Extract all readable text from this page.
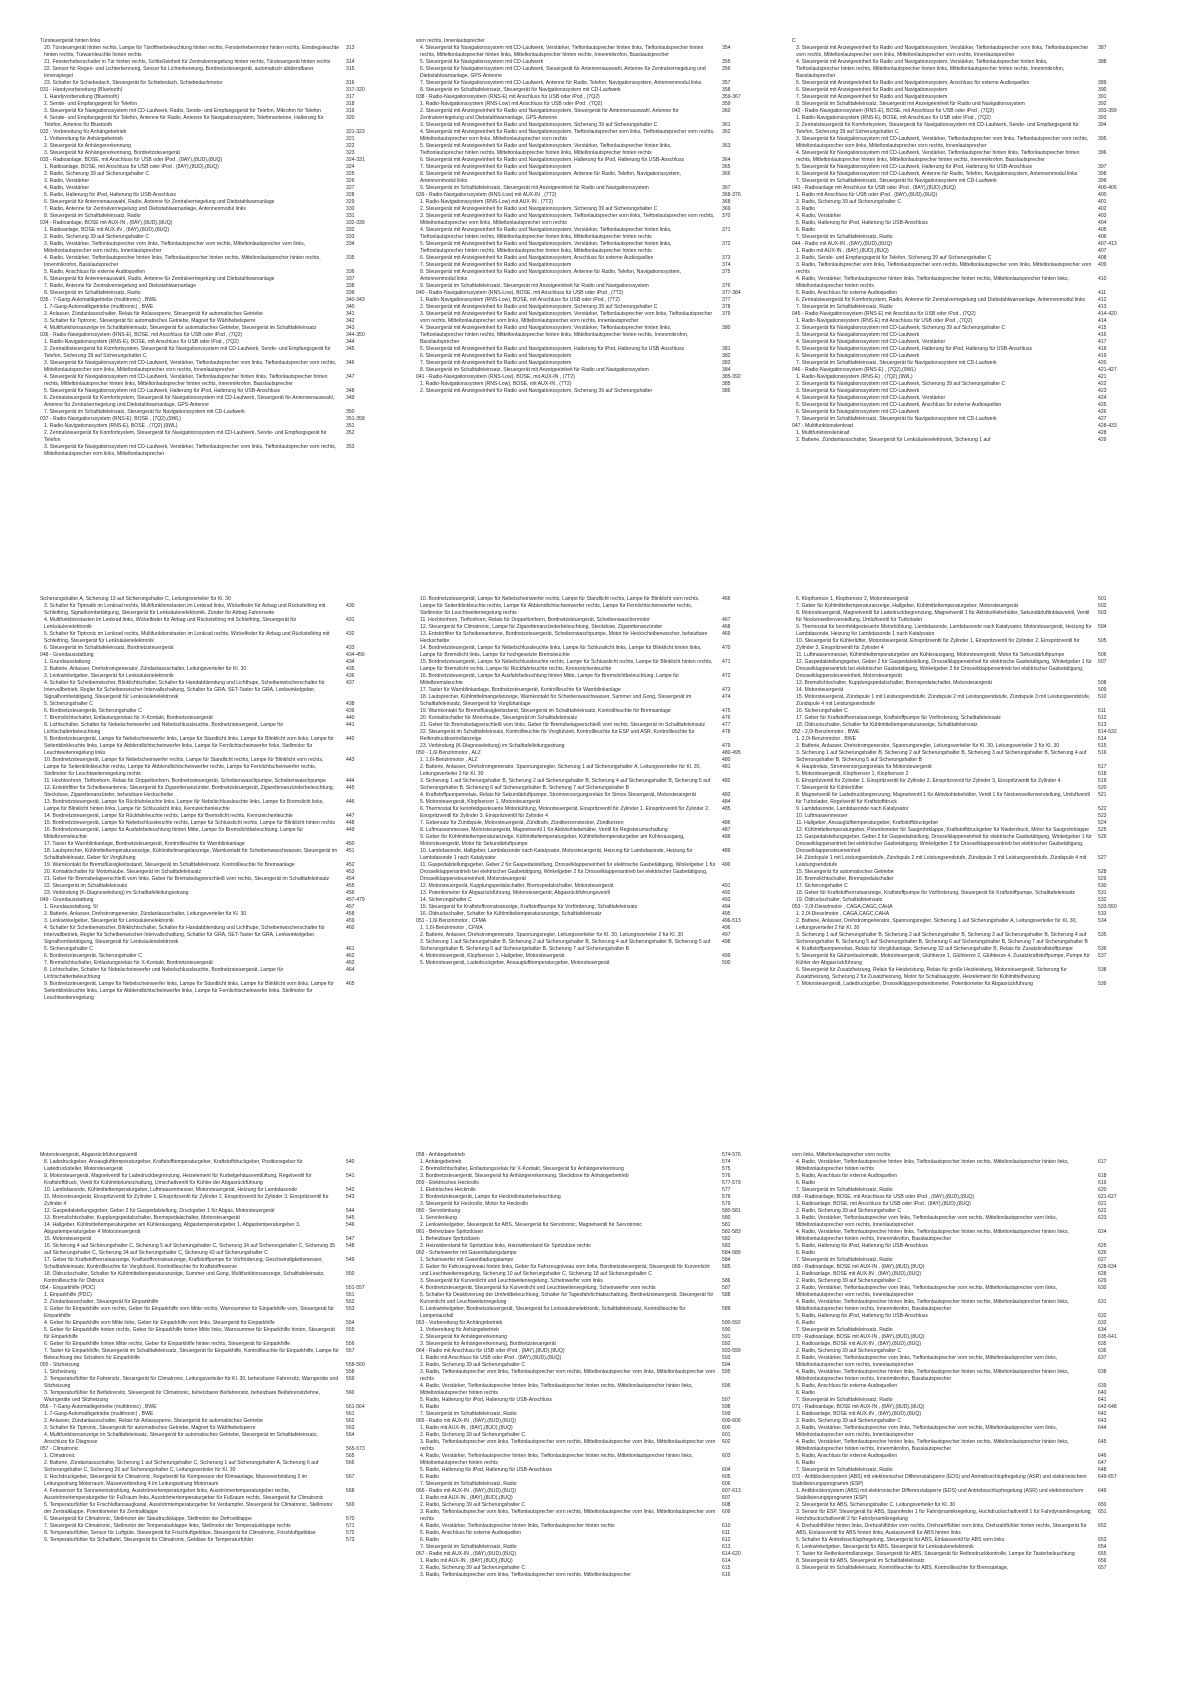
Türsteuergerät hinten links
20. Türsteuergerät hinten rechts, Lampe für Türöffnerbeleuchtung hinten rechts, Fensterhebermotor hinten rechts, Einstiegsleuchte hinten rechts, Türwarnleuchte hinten rechts
313
21. Fensterheberschalter in Tür hinten rechts, Schließeinheit für Zentralverriegelung hinten rechts, Türsteuergerät hinten rechts	314
22. Sensor für Regen- und Lichterkennung, Sensor für Lichterkennung, Bordnetzsteuergerät, automatisch abblendbarer Innenspiegel
315
23. Schalter für Schiebedach, Steuergerät für Schiebedach, Schiebedachmotor	316
031 - Handyvorbereitung (Bluetooth)	317-320
1. Handyvorbereitung (Bluetooth)	317
2. Sende- und Empfangsgerät für Telefon	318
3. Steuergerät für Navigationssystem mit CD-Laufwerk, Radio, Sende- und Empfangsgerät für Telefon, Mikrofon für Telefon	319
4. Sende- und Empfangsgerät für Telefon, Antenne für Radio, Antenne für Navigationssystem, Telefonantenne, Halterung für Telefon, Antenne für Bluetooth
320
032 - Vorbereitung für Anhängebetrieb	321-323
1. Vorbereitung für Anhängebetrieb	321
2. Steuergerät für Anhängererkennung	322
3. Steuergerät für Anhängererkennung, Bordnetzsteuergerät	323
033 - Radioanlage, BOSE, mit Anschluss für USB oder iPod , (8AY),(8UD),(8UQ)	324-331
1. Radioanlage, BOSE, mit Anschluss für USB oder iPod , (8AY),(8UD),(8UQ)	324
2. Radio, Sicherung 39 auf Sicherungshalter C	325
3. Radio, Verstärker	326
4. Radio, Verstärker	327
5. Radio, Halterung für iPod, Halterung für USB-Anschluss	328
6. Steuergerät für Antennenauswahl, Radio, Antenne für Zentralverriegelung und Diebstahlwarnanlage	329
7. Radio, Antenne für Zentralverriegelung und Diebstahlwarnanlage, Antennenmodul links	330
8. Steuergerät im Schalttafeleinsatz, Radio	331
034 - Radioanlage, BOSE mit AUX-IN , (8AY),(8UD),(8UQ)	332-339
1. Radioanlage, BOSE mit AUX-IN , (8AY),(8UD),(8UQ)	332
2. Radio, Sicherung 39 auf Sicherungshalter C	333
3. Radio, Verstärker, Tieftonlautsprecher vorn links, Tieftonlautsprecher vorn rechts, Mitteltonlautsprecher vorn links, Mitteltonlautsprecher vorn rechts, Innenlautsprecher
334
4. Radio, Verstärker, Tieftonlautsprecher hinten links, Tieftonlautsprecher hinten rechts, Mitteltonlautsprecher hinten rechts, Innenmikrofon, Basslautsprecher
335
5. Radio, Anschluss für externe Audioquellen	336
6. Steuergerät für Antennenauswahl, Radio, Antenne für Zentralverriegelung und Diebstahlwarnanlage	337
7. Radio, Antenne für Zentralverriegelung und Diebstahlwarnanlage	338
8. Steuergerät im Schalttafeleinsatz, Radio	339
035 - 7-Gang-Automatikgetriebe (multitronic) , BWE	340-343
1. 7-Gang-Automatikgetriebe (multitronic) , BWE	340
2. Anlasser, Zündanlassschalter, Relais für Anlasssperre, Steuergerät für automatisches Getriebe	341
3. Schalter für Tiptronic, Steuergerät für automatisches Getriebe, Magnet für Wählhebelsperre	342
4. Multifunktionsanzeige im Schalttafeleinsatz, Steuergerät für automatisches Getriebe, Steuergerät im Schalttafeleinsatz	343
036 - Radio-Navigationssystem (RNS-E), BOSE, mit Anschluss für USB oder iPod , (7Q2)	344-350
1. Radio-Navigationssystem (RNS-E), BOSE, mit Anschluss für USB oder iPod , (7Q2)	344
2. Zentraldisteuergerät für Komfortsystem, Steuergerät für Navigationssystem mit CD-Laufwerk, Sende- und Empfangsgerät für Telefon, Sicherung 39 auf Sicherungshalter C
345
3. Steuergerät für Navigationssystem mit CD-Laufwerk, Verstärker, Tieftonlautsprecher vorn links, Tieftonlautsprecher vorn rechts, Mitteltonlautsprecher vorn links, Mitteltonlautsprecher vorn rechts, Innenlautsprecher
346
4. Steuergerät für Navigationssystem mit CD-Laufwerk, Verstärker, Tieftonlautsprecher hinten links, Tieftonlautsprecher hinten rechts, Mitteltonlautsprecher hinten links, Mitteltonlautsprecher hinten rechts, Innenmikrofon, Basslautsprecher
347
5. Steuergerät für Navigationssystem mit CD-Laufwerk, Halterung für iPod, Halterung für USB-Anschluss	348
6. Zentralsteuergerät für Komfortsystem, Steuergerät für Navigationssystem mit CD-Laufwerk, Steuergerät für Antennenauswahl, Antenne für Zentralverriegelung und Diebstahlwarnanlage, GPS-Antenne
349
7. Steuergerät im Schalttafeleinsatz, Steuergerät für Navigationssystem mit CD-Laufwerk	350
037 - Radio-Navigationssystem (RNS-E), BOSE , (7Q2),(9WL)	351-358
1. Radio-Navigationssystem (RNS-E), BOSE , (7Q2),(9WL)	351
2. Zentralsteuergerät für Komfortsystem, Steuergerät für Navigationssystem mit CD-Laufwerk, Sende- und Empfangsgerät für Telefon
352
3. Steuergerät für Navigationssystem mit CD-Laufwerk, Verstärker, Tieftonlautsprecher vorn links, Tieftonlautsprecher vorn rechts, Mitteltonlautsprecher vorn links, Mitteltonlautsprecher
353
vorn rechts, Innenlautsprecher
4. Steuergerät für Navigationssystem mit CD-Laufwerk, Verstärker, Tieftonlautsprecher hinten links, Tieftonlautsprecher hinten rechts, Mitteltonlautsprecher hinten links, Mitteltonlautsprecher hinten rechts, Innenmikrofon, Basslautsprecher
354
5. Steuergerät für Navigationssystem mit CD-Laufwerk	355
6. Steuergerät für Navigationssystem mit CD-Laufwerk, Steuergerät für Antennenauswahl, Antenne für Zentralverriegelung und Diebstahlwarnanlage, GPS-Antenne
356
7. Steuergerät für Navigationssystem mit CD-Laufwerk, Antenne für Radio, Telefon, Navigationssystem, Antennenmodul links	357
8. Steuergerät im Schalttafeleinsatz, Steuergerät für Navigationssystem mit CD-Laufwerk	358
038 - Radio-Navigationssystem (RNS-E) mit Anschluss für USB oder iPod , (7Q2)	359-367
1. Radio-Navigationssystem (RNS-Low) mit Anschluss für USB oder iPod , (7Q2)	359
2. Steuergerät mit Anzeigeeinheit für Radio und Navigationssystem, Steuergerät für Antennenauswahl, Antenne für Zentralverriegelung und Diebstahlwarnanlage, GPS-Antenne
360
3. Steuergerät mit Anzeigeeinheit für Radio und Navigationssystem, Sicherung 39 auf Sicherungshalter C	361
4. Steuergerät mit Anzeigeeinheit für Radio und Navigationssystem, Tieftonlautsprecher vorn links, Tieftonlautsprecher vorn rechts, Mitteltonlautsprecher vorn links, Mitteltonlautsprecher vorn rechts
362
5. Steuergerät mit Anzeigeeinheit für Radio und Navigationssystem, Verstärker, Tieftonlautsprecher hinten links, Tieftonlautsprecher hinten rechts, Mitteltonlautsprecher hinten links, Mitteltonlautsprecher hinten rechts
363
6. Steuergerät mit Anzeigeeinheit für Radio und Navigationssystem, Halterung für iPod, Halterung für USB-Anschluss	364
7. Steuergerät mit Anzeigeeinheit für Radio und Navigationssystem	365
8. Steuergerät mit Anzeigeeinheit für Radio und Navigationssystem, Antenne für Radio, Telefon, Navigationssystem, Antennenmodul links
366
9. Steuergerät im Schalttafeleinsatz, Steuergerät mit Anzeigeeinheit für Radio und Navigationssystem	367
039 - Radio-Navigationssystem (RNS-Low) mit AUX-IN , (7T2)	368-376
1. Radio-Navigationssystem (RNS-Low) mit AUX-IN , (7T2)	368
2. Steuergerät mit Anzeigeeinheit für Radio und Navigationssystem, Sicherung 39 auf Sicherungshalter C	369
3. Steuergerät mit Anzeigeeinheit für Radio und Navigationssystem, Tieftonlautsprecher vorn links, Tieftonlautsprecher vorn rechts, Mitteltonlautsprecher vorn links, Mitteltonlautsprecher vorn rechts
370
4. Steuergerät mit Anzeigeeinheit für Radio und Navigationssystem, Verstärker, Tieftonlautsprecher hinten links, Tieftonlautsprecher hinten rechts, Mitteltonlautsprecher hinten links, Mitteltonlautsprecher hinten rechts
371
5. Steuergerät mit Anzeigeeinheit für Radio und Navigationssystem, Verstärker, Tieftonlautsprecher hinten links, Tieftonlautsprecher hinten rechts, Mitteltonlautsprecher hinten links, Mitteltonlautsprecher hinten rechts
372
6. Steuergerät mit Anzeigeeinheit für Radio und Navigationssystem, Anschluss für externe Audioquellen	373
7. Steuergerät mit Anzeigeeinheit für Radio und Navigationssystem	374
8. Steuergerät mit Anzeigeeinheit für Radio und Navigationssystem, Antenne für Radio, Telefon, Navigationssystem, Antennenmodul links
375
9. Steuergerät im Schalttafeleinsatz, Steuergerät mit Anzeigeeinheit für Radio und Navigationssystem	376
040 - Radio-Navigationssystem (RNS-Low), BOSE, mit Anschluss für USB oder iPod , (7T2)	377-384
1. Radio-Navigationssystem (RNS-Low), BOSE, mit Anschluss für USB oder iPod , (7T2)	377
2. Steuergerät mit Anzeigeeinheit für Radio und Navigationssystem, Sicherung 39 auf Sicherungshalter C	378
3. Steuergerät mit Anzeigeeinheit für Radio und Navigationssystem, Verstärker, Tieftonlautsprecher vorn links, Tieftonlautsprecher vorn rechts, Mitteltonlautsprecher vorn links, Mitteltonlautsprecher vorn rechts, Innenlautsprecher
379
4. Steuergerät mit Anzeigeeinheit für Radio und Navigationssystem, Verstärker, Tieftonlautsprecher hinten links, Tieftonlautsprecher hinten rechts, Mitteltonlautsprecher hinten links, Mitteltonlautsprecher hinten rechts, Innenmikrofon, Basslautsprecher
380
5. Steuergerät mit Anzeigeeinheit für Radio und Navigationssystem, Halterung für iPod, Halterung für USB-Anschluss	381
6. Steuergerät mit Anzeigeeinheit für Radio und Navigationssystem	382
7. Steuergerät mit Anzeigeeinheit für Radio und Navigationssystem	383
8. Steuergerät im Schalttafeleinsatz, Steuergerät mit Anzeigeeinheit für Radio und Navigationssystem	384
041 - Radio-Navigationssystem (RNS-Low), BOSE, mit AUX-IN , (7T2)	385-392
1. Radio-Navigationssystem (RNS-Low), BOSE, mit AUX-IN , (7T2)	385
2. Steuergerät mit Anzeigeeinheit für Radio und Navigationssystem, Sicherung 39 auf Sicherungshalter	386
C
3. Steuergerät mit Anzeigeeinheit für Radio und Navigationssystem, Verstärker, Tieftonlautsprecher vorn links, Tieftonlautsprecher vorn rechts, Mitteltonlautsprecher vorn links, Mitteltonlautsprecher vorn rechts, Innenlautsprecher
387
4. Steuergerät mit Anzeigeeinheit für Radio und Navigationssystem, Verstärker, Tieftonlautsprecher hinten links, Tieftonlautsprecher hinten rechts, Mitteltonlautsprecher hinten links, Mitteltonlautsprecher hinten rechts, Innenmikrofon, Basslautsprecher
388
5. Steuergerät mit Anzeigeeinheit für Radio und Navigationssystem, Anschluss für externe Audioquellen	389
6. Steuergerät mit Anzeigeeinheit für Radio und Navigationssystem	390
7. Steuergerät mit Anzeigeeinheit für Radio und Navigationssystem	391
8. Steuergerät im Schalttafeleinsatz, Steuergerät mit Anzeigeeinheit für Radio und Navigationssystem	392
042 - Radio-Navigationssystem (RNS-E), BOSE, mit Anschluss für USB oder iPod , (7Q2)	393-399
1. Radio-Navigationssystem (RNS-E), BOSE, mit Anschluss für USB oder iPod , (7Q2)	393
2. Zentralsteuergerät für Komfortsystem, Steuergerät für Navigationssystem mit CD-Laufwerk, Sende- und Empfangsgerät für Telefon, Sicherung 39 auf Sicherungshalter C
394
3. Steuergerät für Navigationssystem mit CD-Laufwerk, Verstärker, Tieftonlautsprecher vorn links, Tieftonlautsprecher vorn rechts, Mitteltonlautsprecher vorn links, Mitteltonlautsprecher vorn rechts, Innenlautsprecher
395
4. Steuergerät für Navigationssystem mit CD-Laufwerk, Verstärker, Tieftonlautsprecher hinten links, Tieftonlautsprecher hinten rechts, Mitteltonlautsprecher hinten links, Mitteltonlautsprecher hinten rechts, Innenmikrofon, Basslautsprecher
396
5. Steuergerät für Navigationssystem mit CD-Laufwerk, Halterung für iPod, Halterung für USB-Anschluss	397
6. Steuergerät für Navigationssystem mit CD-Laufwerk, Antenne für Radio, Telefon, Navigationssystem, Antennenmodul links	398
7. Steuergerät im Schalttafeleinsatz, Steuergerät für Navigationssystem mit CD-Laufwerk	399
043 - Radioanlage mit Anschluss für USB oder iPod , (8AY),(8UD),(8UQ)	400-406
1. Radio mit Anschluss für USB oder iPod , (8AY),(8UD),(8UQ)	400
2. Radio, Sicherung 39 auf Sicherungshalter C	401
3. Radio	402
4. Radio, Verstärker	403
5. Radio, Halterung für iPod, Halterung für USB-Anschluss	404
6. Radio	405
7. Steuergerät im Schalttafeleinsatz, Radio	406
044 - Radio mit AUX-IN , (8AY),(8UD),(8UQ)	407-413
1. Radio mit AUX-IN , (8AY),(8UD),(8UQ)	407
2. Radio, Sende- und Empfangsgerät für Telefon, Sicherung 39 auf Sicherungshalter C	408
3. Radio, Tieftonlautsprecher vorn links, Tieftonlautsprecher vorn rechts, Mitteltonlautsprecher vorn links, Mitteltonlautsprecher vorn rechts
409
4. Radio, Verstärker, Tieftonlautsprecher hinten links, Tieftonlautsprecher hinten rechts, Mitteltonlautsprecher hinten links, Mitteltonlautsprecher hinten rechts
410
5. Radio, Anschluss für externe Audioquellen	411
6. Zentralsteuergerät für Komfortsystem, Radio, Antenne für Zentralverriegelung und Diebstahlwarnanlage, Antennenmodul links	412
7. Steuergerät im Schalttafeleinsatz, Radio	413
045 - Radio-Navigationssystem (RNS-E) mit Anschluss für USB oder iPod , (7Q2)	414-420
1. Radio-Navigationssystem (RNS-E) mit Anschluss für USB oder iPod , (7Q2)	414
2. Steuergerät für Navigationssystem mit CD-Laufwerk, Sicherung 39 auf Sicherungshalter C	415
3. Steuergerät für Navigationssystem mit CD-Laufwerk	416
4. Steuergerät für Navigationssystem mit CD-Laufwerk, Verstärker	417
5. Steuergerät für Navigationssystem mit CD-Laufwerk, Halterung für iPod, Halterung für USB-Anschluss	418
6. Steuergerät für Navigationssystem mit CD-Laufwerk	419
7. Steuergerät im Schalttafeleinsatz, Steuergerät für Navigationssystem mit CD-Laufwerk	420
046 - Radio-Navigationssystem (RNS-E) , (7Q2),(9WL)	421-427
1. Radio-Navigationssystem (RNS-E) , (7Q2),(9WL)	421
2. Steuergerät für Navigationssystem mit CD-Laufwerk, Sicherung 39 auf Sicherungshalter C	422
3. Steuergerät für Navigationssystem mit CD-Laufwerk	423
4. Steuergerät für Navigationssystem mit CD-Laufwerk, Verstärker	424
5. Steuergerät für Navigationssystem mit CD-Laufwerk, Anschluss für externe Audioquellen	425
6. Steuergerät für Navigationssystem mit CD-Laufwerk	426
7. Steuergerät im Schalttafeleinsatz, Steuergerät für Navigationssystem mit CD-Laufwerk	427
047 - Multifunktionslenkrad	428-433
1. Multifunktionslenkrad	428
2. Batterie, Zündanlassschalter, Steuergerät für Lenksäulenelektronik, Sicherung 1 auf	429
Sicherungshalter A, Sicherung 13 auf Sicherungshalter C, Leitungsverteiler für Kl. 30
3. Schalter für Tipmatik im Lenkrad rechts, Multifunktionstasten im Lenkrad links, Wickelfeder für Airbag und Rückstellring mit Schleifring, Signalhornbetätigung, Steuergerät für Lenksäulenelektronik, Zünder für Airbag Fahrerseite
430
4. Multifunktionstasten im Lenkrad links, Wickelfeder für Airbag und Rückstellring mit Schleifring, Steuergerät für Lenksäulenelektronik
431
5. Schalter für Tiptronic im Lenkrad rechts, Multifunktionstasten im Lenkrad rechts, Wickelfeder für Airbag und Rückstellring mit Schleifring, Steuergerät für Lenksäulenelektronik
432
6. Steuergerät im Schalttafeleinsatz, Bordnetzsteuergerät	433
048 - Grundausstattung	434-456
1. Grundausstattung	434
2. Batterie, Anlasser, Drehstromgenerator, Zündanlassschalter, Leitungsverteiler für Kl. 30	435
3. Lenkwinkelgeber, Steuergerät für Lenksäulenelektronik	436
4. Schalter für Scheibenwischer, Blinklichtschalter, Schalter für Handabblendung und Lichthupe, Scheibenwischerschalter für Intervallbetrieb, Regler für Scheibenwischer-Intervallschaltung, Schalter für GRA, SET-Taster für GRA, Lenkwinkelgeber, Signalhornbetätigung, Steuergerät für Lenksäulenelektronik
437
5. Sicherungshalter C	438
6. Bordnetzsteuergerät, Sicherungshalter C	439
7. Bremslichtschalter, Entlastungsrelais für X-Kontakt, Bordnetzsteuergerät	440
8. Lichtschalter, Schalter für Nebelscheinwerfer und Nebelschlussleuchte, Bordnetzsteuergerät, Lampe für Lichtschalterbeleuchtung
441
9. Bordnetzsteuergerät, Lampe für Nebelscheinwerfer links, Lampe für Standlicht links, Lampe für Blinklicht vorn links, Lampe für Seitenblinkleuchte links, Lampe für Abblendlichtscheinwerfer links, Lampe für Fernlichtscheinwerfer links, Stellmotor für Leuchtweitenregelung links
442
10. Bordnetzsteuergerät, Lampe für Nebelscheinwerfer rechts, Lampe für Standlicht rechts, Lampe für Blinklicht vorn rechts, Lampe für Seitenblinkleuchte rechts, Lampe für Abblendlichtscheinwerfer rechts, Lampe für Fernlichtscheinwerfer rechts, Stellmotor für Leuchtweitenregelung rechts
443
11. Hochtonhorn, Tieftonhorn, Relais für Doppeltonhorn, Bordnetzsteuergerät, Scheibenwaschpumpe, Scheibenwaschpumpe	444
12. Entstörfilter für Scheibenantenne, Steuergerät für Zigarettenanzünder, Bordnetzsteuergerät, Zigarettenanzünderbeleuchtung, Steckdose, Zigarettenanzünder, beheizbare Heckscheibe
445
13. Bordnetzsteuergerät, Lampe für Rückfahrleuchte links, Lampe für Nebelschlussleuchte links, Lampe für Bremslicht links, Lampe für Blinklicht hinten links, Lampe für Schlusslicht links, Kennzeichenleuchte
446
14. Bordnetzsteuergerät, Lampe für Rückfahrleuchte rechts, Lampe für Bremslicht rechts, Kennzeichenleuchte	447
15. Bordnetzsteuergerät, Lampe für Nebelschlussleuchte rechts, Lampe für Schlusslicht rechts, Lampe für Blinklicht hinten rechts	448
16. Bordnetzsteuergerät, Lampe für Ausfahrbeleuchtung hinten Mitte, Lampe für Bremslichtbeleuchtung, Lampe für Mittelbremsleuchte
449
17. Taster für Warnblinkanlage, Bordnetzsteuergerät, Kontrollleuchte für Warnblinkanlage	450
18. Lautsprecher, Kühlmitteltemperaturanzeige, Kühlmittelmangelanzeige, Warnkontakt für Scheibenwaschwasser, Steuergerät im Schalttafeleinsatz, Geber für Vorglühung
451
19. Warnkontakt für Bremsflüssigkeitsstand, Steuergerät im Schalttafeleinsatz, Kontrollleuchte für Bremsanlage	452
20. Kontaktschalter für Motorhaube, Steuergerät im Schalttafeleinsatz	453
21. Geber für Bremsbelagverschleiß vorn links, Geber für Bremsbelagverschleiß vorn rechts, Steuergerät im Schalttafeleinsatz	454
22. Steuergerät im Schalttafeleinsatz	455
23. Verbindung (K-Diagnoseleitung) im Schalttafelleitungsstrang	456
049 - Grundausstattung	457-479
1. Grundausstattung, SI	457
2. Batterie, Anlasser, Drehstromgenerator, Zündanlassschalter, Leitungsverteiler für Kl. 30	458
3. Lenkwinkelgeber, Steuergerät für Lenksäulenelektronik	459
4. Schalter für Scheibenwischer, Blinklichtschalter, Schalter für Handabblendung und Lichthupe, Scheibenwischerschalter für Intervallbetrieb, Regler für Scheibenwischer-Intervallschaltung, Schalter für GRA, SET-Taster für GRA, Lenkwinkelgeber, Signalhornbetätigung, Steuergerät für Lenksäulenelektronik
460
5. Sicherungshalter C	461
6. Bordnetzsteuergerät, Sicherungshalter C	462
7. Bremslichtschalter, Entlastungsrelais für X-Kontakt, Bordnetzsteuergerät	463
8. Lichtschalter, Schalter für Nebelscheinwerfer und Nebelschlussleuchte, Bordnetzsteuergerät, Lampe für Lichtschalterbeleuchtung
464
9. Bordnetzsteuergerät, Lampe für Nebelscheinwerfer links, Lampe für Standlicht links, Lampe für Blinklicht vorn links, Lampe für Seitenblinkleuchte links, Lampe für Abblendlichtscheinwerfer links, Lampe für Fernlichtscheinwerfer links, Stellmotor für Leuchtweitenregelung
465
10. Bordnetzsteuergerät, Lampe für Nebelscheinwerfer rechts, Lampe für Standlicht rechts, Lampe für Blinklicht vorn rechts, Lampe für Seitenblinkleuchte rechts, Lampe für Abblendlichtscheinwerfer rechts, Lampe für Fernlichtscheinwerfer rechts, Stellmotor für Leuchtweitenregelung rechts
466
11. Hochtonhorn, Tieftonhorn, Relais für Doppeltonhorn, Bordnetzsteuergerät, Scheibenwaschermotor	467
12. Steuergerät für Climatronic, Lampe für Zigarettenanzünderbeleuchtung, Steckdose, Zigarettenanzünder	468
13. Entstörfilter für Scheibenantenne, Bordnetzsteuergerät, Scheibenwaschpumpe, Motor für Heckscheibenwischer, beheizbare Heckscheibe
469
14. Bordnetzsteuergerät, Lampe für Nebelschlussleuchte links, Lampe für Schlusslicht links, Lampe für Blinklicht hinten links, Lampe für Bremslicht links, Lampe für hochgesetzte Bremsleuchte
470
15. Bordnetzsteuergerät, Lampe für Nebelschlussleuchte rechts, Lampe für Schlusslicht rechts, Lampe für Blinklicht hinten rechts, Lampe für Bremslicht rechts, Lampe für Rückfahrleuchte rechts, Kennzeichenleuchte
471
16. Bordnetzsteuergerät, Lampe für Ausfahrbeleuchtung hinten Mitte, Lampe für Bremslichtbeleuchtung, Lampe für Mittelbremsleuchte
472
17. Taster für Warnblinkanlage, Bordnetzsteuergerät, Kontrollleuchte für Warnblinkanlage	473
18. Lautsprecher, Kühlmittelmangelanzeige, Warnkontakt für Scheibenwaschwasser, Summer und Gong, Steuergerät im Schalttafeleinsatz, Steuergerät für Vorglühanlage
474
19. Warnkontakt für Bremsflüssigkeitsstand, Steuergerät im Schalttafeleinsatz, Kontrollleuchte für Bremsanlage	475
20. Kontaktschalter für Motorhaube, Steuergerät im Schalttafeleinsatz	476
21. Geber für Bremsbelagverschleiß vorn links, Geber für Bremsbelagverschleiß vorn rechts, Steuergerät im Schalttafeleinsatz	477
22. Steuergerät im Schalttafeleinsatz, Kontrollleuchte für Vorglühzeit, Kontrollleuchte für ESP und ASR, Kontrollleuchte für Reifendruckkontrollanzeige
478
23. Verbindung (K-Diagnoseleitung) im Schalttafelleitungsstrang	479
050 - 1,6l-Benzinmotor , ALZ	480-495
1. 1,6l-Benzinmotor , ALZ	480
2. Batterie, Anlasser, Drehstromgenerator, Spannungsregler, Sicherung 1 auf Sicherungshalter A, Leitungsverteiler für Kl. 30, Leitungsverteiler 2 für Kl. 30
481
3. Sicherung 1 auf Sicherungshalter B, Sicherung 2 auf Sicherungshalter B, Sicherung 4 auf Sicherungshalter B, Sicherung 5 auf Sicherungshalter B, Sicherung 6 auf Sicherungshalter B, Sicherung 7 auf Sicherungshalter B
482
4. Kraftstoffpumpenrelais, Relais für Sekundärluftpumpe, Stromversorgungsrelais für Simos-Steuergerät, Motorsteuergerät	483
5. Motorsteuergerät, Klopfsensor 1, Motorsteuergerät	484
6. Thermostat für kennfeldgesteuerte Motorkühlung, Motorsteuergerät, Einspritzventil für Zylinder 1, Einspritzventil für Zylinder 2, Einspritzventil für Zylinder 3, Einspritzventil für Zylinder 4
485
7. Gebersatz für Zündspule, Motorsteuergerät, Zündtrafo, Zündkerzenstecker, Zündkerzen	486
8. Luftmassenmesser, Motorsteuergerät, Magnetventil 1 für Aktivkohlebehälter, Ventil für Registerumschaltung	487
9. Geber für Kühlmitteltemperaturanzeige, Kühlmitteltemperaturgeber, Kühlmitteltemperaturgeber am Kühlerausgang, Motorsteuergerät, Motor für Sekundärluftpumpe
488
10. Lambdasonde, Hallgeber, Lambdasonde nach Katalysator, Motorsteuergerät, Heizung für Lambdasonde, Heizung für Lambdasonde 1 nach Katalysator
489
11. Gaspedalstellungsgeber, Geber 2 für Gaspedalstellung, Drosselklappeneinheit für elektrische Gasbetätigung, Winkelgeber 1 für Drosselklappenantrieb bei elektrischer Gasbetätigung, Winkelgeber 2 für Drosselklappenantrieb bei elektrischer Gasbetätigung, Drosselklappensteuereinheit, Motorsteuergerät
490
12. Motorsteuergerät, Kupplungspedalschalter, Bremspedalschalter, Motorsteuergerät	491
13. Potentiometer für Abgasrückführung, Motorsteuergerät, Abgasrückführungsventil	492
14. Sicherungshalter C	493
15. Steuergerät für Kraftstoffvorratsanzeige, Kraftstoffpumpe für Vorförderung, Schalttafeleinsatz	494
16. Öldruckschalter, Schalter für Kühlmitteltemperaturanzeige, Schalttafeleinsatz	495
051 - 1,6l-Benzinmotor , CFMA	496-513
1. 1,6l-Benzinmotor , CFMA	496
2. Batterie, Anlasser, Drehstromgenerator, Spannungsregler, Leitungsverteiler für Kl. 30, Leitungsverteiler 2 für Kl. 30	497
3. Sicherung 1 auf Sicherungshalter B, Sicherung 2 auf Sicherungshalter B, Sicherung 4 auf Sicherungshalter B, Sicherung 5 auf Sicherungshalter B, Sicherung 6 auf Sicherungshalter B, Sicherung 7 auf Sicherungshalter B
498
4. Motorsteuergerät, Klopfsensor 1, Hallgeber, Motorsteuergerät	499
5. Motorsteuergerät, Ladedruckgeber, Ansauglufttemperaturgeber, Motorsteuergerät	500
6. Klopfsensor 1, Klopfsensor 2, Motorsteuergerät	501
7. Geber für Kühlmitteltemperaturanzeige, Hallgeber, Kühlmitteltemperaturgeber, Motorsteuergerät	502
8. Motorsteuergerät, Magnetventil für Ladedruckbegrenzung, Magnetventil 1 für Aktivkohlebehälter, Sekundärluftinblasventil, Ventil für Nockenwellenverstellung, Umluftventil für Turbolader
503
9. Thermostat für kennfeldgesteuerte Motorkühlung, Lambdasonde, Lambdasonde nach Katalysator, Motorsteuergerät, Heizung für Lambdasonde, Heizung für Lambdasonde 1 nach Katalysator
504
10. Steuergerät für Kühlerlüfter, Motorsteuergerät, Einspritzventil für Zylinder 1, Einspritzventil für Zylinder 2, Einspritzventil für Zylinder 3, Einspritzventil für Zylinder 4
505
11. Luftmassenmesser, Kühlmitteltemperaturgeber am Kühlerausgang, Motorsteuergerät, Motor für Sekundärluftpumpe	506
12. Gaspedalstellungsgeber, Geber 2 für Gaspedalstellung, Drosselklappeneinheit für elektrische Gasbetätigung, Winkelgeber 1 für Drosselklappenantrieb bei elektrischer Gasbetätigung, Winkelgeber 2 für Drosselklappenantrieb bei elektrischer Gasbetätigung, Drosselklappensteuereinheit, Motorsteuergerät
507
13. Bremslichtschalter, Kupplungspedalschalter, Bremspedalschalter, Motorsteuergerät	508
14. Motorsteuergerät	509
15. Motorsteuergerät, Zündspule 1 mit Leistungsendstufe, Zündspule 2 mit Leistungsendstufe, Zündspule 3 mit Leistungsendstufe, Zündspule 4 mit Leistungsendstufe
510
16. Sicherungshalter C	511
17. Geber für Kraftstoffvorratsanzeige, Kraftstoffpumpe für Vorförderung, Schalttafeleinsatz	512
18. Öldruckschalter, Schalter für Kühlmitteltemperaturanzeige, Schalttafeleinsatz	513
052 - 2,0l-Benzinmotor , BWE	514-532
1. 2,0l-Benzinmotor , BWE	514
2. Batterie, Anlasser, Drehstromgenerator, Spannungsregler, Leitungsverteiler für Kl. 30, Leitungsverteiler 2 für Kl. 30	515
3. Sicherung 1 auf Sicherungshalter B, Sicherung 2 auf Sicherungshalter B, Sicherung 3 auf Sicherungshalter B, Sicherung 4 auf Sicherungshalter B, Sicherung 5 auf Sicherungshalter B
516
4. Hauptrelais, Stromversorgungsrelais für Motorsteuergerät	517
5. Motorsteuergerät, Klopfsensor 1, Klopfsensor 2	518
6. Einspritzventil für Zylinder 1, Einspritzventil für Zylinder 2, Einspritzventil für Zylinder 3, Einspritzventil für Zylinder 4	519
7. Steuergerät für Kühlerlüfter	520
8. Magnetventil für Ladedruckbegrenzung, Magnetventil 1 für Aktivkohlebehälter, Ventil 1 für Nockenwellenverstellung, Umluftventil für Turbolader, Regelventil für Kraftstoffdruck
521
9. Lambdasonde, Lambdasonde nach Katalysator	522
10. Luftmassenmesser	523
11. Hallgeber, Ansauglufttemperaturgeber, Kraftstoffdruckgeber	524
12. Kühlmitteltemperaturgeber, Potentiometer für Saugrohrklappe, Kraftstoffdruckgeber für Niederdruck, Motor für Saugrohrklappe	525
13. Gaspedalstellungsgeber, Geber 2 für Gaspedalstellung, Drosselklappeneinheit für elektrische Gasbetätigung, Winkelgeber 1 für Drosselklappenantrieb bei elektrischer Gasbetätigung, Winkelgeber 2 für Drosselklappenantrieb bei elektrischer Gasbetätigung, Drosselklappensteuereinheit
526
14. Zündspule 1 mit Leistungsendstufe, Zündspule 2 mit Leistungsendstufe, Zündspule 3 mit Leistungsendstufe, Zündspule 4 mit Leistungsendstufe
527
15. Steuergerät für automatisches Getriebe	528
16. Bremslichtschalter, Bremspedalschalter	529
17. Sicherungshalter C	530
18. Geber für Kraftstoffvorratsanzeige, Kraftstoffpumpe für Vorförderung, Steuergerät für Kraftstoffpumpe, Schalttafeleinsatz	531
19. Öldruckschalter, Schalttafeleinsatz	532
053 - 2,0l-Dieselmotor , CAGA,CAGC,CAHA	533-550
1. 2,0l-Dieselmotor , CAGA,CAGC,CAHA	533
2. Batterie, Anlasser, Drehstromgenerator, Spannungsregler, Sicherung 1 auf Sicherungshalter A, Leitungsverteiler für Kl. 30, Leitungsverteiler 2 für Kl. 30
534
3. Sicherung 1 auf Sicherungshalter B, Sicherung 2 auf Sicherungshalter B, Sicherung 3 auf Sicherungshalter B, Sicherung 4 auf Sicherungshalter B, Sicherung 5 auf Sicherungshalter B, Sicherung 6 auf Sicherungshalter B, Sicherung 7 auf Sicherungshalter B
535
4. Kraftstoffpumpenrelais, Relais für Vorglühanlage, Sicherung 32 auf Sicherungshalter B, Relais für Zusatzkraftstoffpumpe	536
5. Steuergerät für Glühzeitautomatik, Motorsteuergerät, Glühkerze 1, Glühkerze 2, Glühkerze 4, Zusatzkraftstoffpumpe, Pumpe für Kühler der Abgasrückführung
537
6. Steuergerät für Zusatzheizung, Relais für Heizleistung, Relais für große Heizleistung, Motorsteuergerät, Sicherung für Zusatzheizung, Sicherung 2 für Zusatzheizung, Motor für Schaltsaugrohr, Heizelement für Kühlmittelheizung
538
7. Motorsteuergerät, Ladedruckgeber, Drosselklappenpotentiometer, Potentiometer für Abgasrückführung	539
Motorsteuergerät, Abgasrückführungsventil
8. Ladedruckgeber, Ansauglufttemperaturgeber, Kraftstofftemperaturgeber, Kraftstoffdruckgeber, Positionsgeber für Ladedrucksteller, Motorsteuergerät
540
9. Motorsteuergerät, Magnetventil für Ladedruckbegrenzung, Heizelement für Kurbelgehäuseentlüftung, Regelventil für Kraftstoffdruck, Ventil für Kühlmittelumschaltung, Umschaltventil für Kühler der Abgasrückführung
541
10. Lambdasonde, Kühlmitteltemperaturgeber, Luftmassenmesser, Motorsteuergerät, Heizung für Lambdasonde	542
11. Motorsteuergerät, Einspritzventil für Zylinder 1, Einspritzventil für Zylinder 2, Einspritzventil für Zylinder 3, Einspritzventil für Zylinder 4
543
12. Gaspedalstellungsgeber, Geber 2 für Gaspedalstellung, Druckgeber 1 für Abgas, Motorsteuergerät	544
13. Bremslichtschalter, Kupplungspedalschalter, Bremspedalschalter, Motorsteuergerät	545
14. Hallgeber, Kühlmitteltemperaturgeber am Kühlerausgang, Abgastemperaturgeber 1, Abgastemperaturgeber 3, Abgastemperaturgeber 4 Motorsteuergerät
546
15. Motorsteuergerät	547
16. Sicherung 4 auf Sicherungshalter C, Sicherung 5 auf Sicherungshalter C, Sicherung 34 auf Sicherungshalter C, Sicherung 35 auf Sicherungshalter C, Sicherung 34 auf Sicherungshalter C, Sicherung 43 auf Sicherungshalter C
548
17. Geber für Kraftstoffvorratsanzeige, Kraftstoffvorratsanzeige, Kraftstoffpumpe für Vorförderung, Geschwindigkeitsmesser, Schalttafeleinsatz, Kontrollleuchte für Vorglühzeit, Kontrollleuchte für Kraftstoffreserve
549
18. Öldruckschalter, Schalter für Kühlmitteltemperaturanzeige, Summer und Gong, Multifunktionsanzeige, Schalttafeleinsatz, Kontrollleuchte für Öldruck
550
054 - Einparkhilfe (PDC)	551-557
1. Einparkhilfe (PDC)	551
2. Zündanlassschalter, Steuergerät für Einparkhilfe	552
3. Geber für Einparkhilfe vorn rechts, Geber für Einparkhilfe vorn Mitte rechts, Warnsummer für Einparkhilfe vorn, Steuergerät für Einparkhilfe
553
4. Geber für Einparkhilfe vorn Mitte links, Geber für Einparkhilfe vorn links, Steuergerät für Einparkhilfe	554
5. Geber für Einparkhilfe hinten rechts, Geber für Einparkhilfe hinten Mitte links, Warnsummer für Einparkhilfe hinten, Steuergerät für Einparkhilfe
555
6. Geber für Einparkhilfe hinten Mitte rechts, Geber für Einparkhilfe hinten rechts, Steuergerät für Einparkhilfe	556
7. Taster für Einparkhilfe, Steuergerät im Schalttafeleinsatz, Steuergerät für Einparkhilfe, Kontrollleuchte für Einparkhilfe, Lampe für Beleuchtung des Schalters für Einparkhilfe
557
055 - Sitzheizung	558-560
1. Sitzheizung	558
2. Temperaturfühler für Fahrersitz, Steuergerät für Climatronic, Leitungsverteiler für Kl. 30, beheizbarer Fahrersitz, Warngeräte und Sitzheizung
559
3. Temperaturfühler für Beifahrersitz, Steuergerät für Climatronic, beheizbarer Beifahrersitz, beheizbare Beifahrersitzlehne, Warngeräte und Sitzheizung
560
056 - 7-Gang-Automatikgetriebe (multitronic) , BWE	561-564
1. 7-Gang-Automatikgetriebe (multitronic) , BWE	561
2. Anlasser, Zündanlassschalter, Relais für Anlasssperre, Steuergerät für automatisches Getriebe	562
3. Schalter für Tiptronic, Steuergerät für automatisches Getriebe, Magnet für Wählhebelsperre	563
4. Multifunktionsanzeige im Schalttafeleinsatz, Steuergerät für automatisches Getriebe, Steuergerät im Schalttafeleinsatz, Anschluss für Diagnose
564
057 - Climatronic	565-573
1. Climatronic	565
2. Batterie, Zündanlassschalter, Sicherung 1 auf Sicherungshalter C, Sicherung 1 auf Sicherungshalter A, Sicherung 6 auf Sicherungshalter C, Sicherung 26 auf Sicherungshalter C, Leitungsverteiler für Kl. 30
566
3. Hochdruckgeber, Steuergerät für Climatronic, Regelventil für Kompressor der Klimaanlage, Masseverbindung 3 im Leitungsstrang Motorraum, Masseverbindung 4 im Leitungsstrang Motorraum
567
4. Fotosensor für Sonneneinstrahlung, Ausströmertemperaturgeber links, Ausströmertemperaturgeber rechts, Ausströmertemperaturgeber für Fußraum links, Ausströmertemperaturgeber für Fußraum rechts, Steuergerät für Climatronic
568
5. Temperaturfühler für Frischluftansaugkanal, Ausströmtemperaturgeber für Verdampfer, Steuergerät für Climatronic, Stellmotor der Zentralklappe, Potentiometer für Zentralklappe
569
6. Steuergerät für Climatronic, Stellmotor der Staudruckklappe, Stellmotor der Defrostklappe	570
7. Steuergerät für Climatronic, Stellmotor der Temperaturklappe links, Stellmotor der Temperaturklappe rechts	571
8. Temperaturfühler, Sensor für Luftgüte, Steuergerät für Frischluftgebläse, Steuergerät für Climatronic, Frischluftgebläse	572
9. Temperaturfühler für Schalttafel, Steuergerät für Climatronic, Gebläse für Temperaturfühler	573
058 - Anhängebetrieb	574-576
1. Anhängebetrieb	574
2. Bremslichtschalter, Entlastungsrelais für X-Kontakt, Steuergerät für Anhängererkennung	575
3. Bordnetzsteuergerät, Steuergerät für Anhängererkennung, Steckdose für Anhängerbetrieb	576
059 - Elektrisches Heckrollo	577-579
1. Elektrisches Heckrollo	577
2. Bordnetzsteuergerät, Lampe für Heckrollotasterbeleuchtung	578
3. Steuergerät für Heckrollo, Motor für Heckrollo	579
060 - Servolenkung	580-581
1. Servolenkung	580
2. Lenkwinkelgeber, Steuergerät für ABS, Steuergerät für Servotronic, Magnetventil für Servotronic	581
061 - Beheizbare Spritzdüsen	582-583
1. Beheizbare Spritzdüsen	582
2. Heizwiderstand für Spritzdüse links, Heizwiderstand für Spritzdüse rechts	583
062 - Scheinwerfer mit Gasentladungslampe	584-589
1. Scheinwerfer mit Gasentladungslampe	584
2. Geber für Fahrzeugniveau hinten links, Geber für Fahrzeugniveau vorn links, Bordnetzsteuergerät, Steuergerät für Kurvenlicht und Leuchtweitenregelung, Sicherung 10 auf Sicherungshalter C, Sicherung 18 auf Sicherungshalter C
585
3. Steuergerät für Kurvenlicht und Leuchtweitenregelung, Scheinwerfer vorn links	586
4. Bordnetzsteuergerät, Steuergerät für Kurvenlicht und Leuchtweitenregelung, Scheinwerfer vorn rechts	587
5. Schalter für Deaktivierung der Umfeldbeleuchtung, Schalter für Tagesfahrlichtabschaltung, Bordnetzsteuergerät, Steuergerät für Kurvenlicht und Leuchtweitenregelung
588
6. Lenkwinkelgeber, Bordnetzsteuergerät, Steuergerät für Lenksäulenelektronik, Schalttafeleinsatz, Kontrollleuchte für Lampenausfall
589
063 - Vorbereitung für Anhängebetrieb	590-592
1. Vorbereitung für Anhängebetrieb	590
2. Steuergerät für Anhängererkennung	591
3. Steuergerät für Anhängererkennung, Bordnetzsteuergerät	592
064 - Radio mit Anschluss für USB oder iPod , (8AY),(8UD),(8UQ)	593-599
1. Radio mit Anschluss für USB oder iPod , (8AY),(8UD),(8UQ)	593
2. Radio, Sicherung 39 auf Sicherungshalter C	594
3. Radio, Tieftonlautsprecher vorn links, Tieftonlautsprecher vorn rechts, Mitteltonlautsprecher vorn links, Mitteltonlautsprecher vorn rechts
595
4. Radio, Verstärker, Tieftonlautsprecher hinten links, Tieftonlautsprecher hinten rechts, Mitteltonlautsprecher hinten links, Mitteltonlautsprecher hinten rechts
596
5. Radio, Halterung für iPod, Halterung für USB-Anschluss	597
6. Radio	598
7. Steuergerät im Schalttafeleinsatz, Radio	599
065 - Radio mit AUX-IN , (8AY),(8UD),(8UQ)	600-606
1. Radio mit AUX-IN , (8AY),(8UD),(8UQ)	600
2. Radio, Sicherung 39 auf Sicherungshalter C	601
3. Radio, Tieftonlautsprecher vorn links, Tieftonlautsprecher vorn rechts, Mitteltonlautsprecher vorn links, Mitteltonlautsprecher vorn rechts
602
4. Radio, Verstärker, Tieftonlautsprecher hinten links, Tieftonlautsprecher hinten rechts, Mitteltonlautsprecher hinten links, Mitteltonlautsprecher hinten rechts
603
5. Radio, Halterung für iPod, Halterung für USB-Anschluss	604
6. Radio	605
7. Steuergerät im Schalttafeleinsatz, Radio	606
066 - Radio mit AUX-IN , (8AY),(8UD),(8UQ)	607-613
1. Radio mit AUX-IN , (8AY),(8UD),(8UQ)	607
2. Radio, Sicherung 39 auf Sicherungshalter C	608
3. Radio, Tieftonlautsprecher vorn links, Tieftonlautsprecher vorn rechts, Mitteltonlautsprecher vorn links, Mitteltonlautsprecher vorn rechts
609
4. Radio, Verstärker, Tieftonlautsprecher hinten links, Tieftonlautsprecher hinten rechts	610
5. Radio, Anschluss für externe Audioquellen	611
6. Radio	612
7. Steuergerät im Schalttafeleinsatz, Radio	613
067 - Radio mit AUX-IN , (8AY),(8UD),(8UQ)	614-620
1. Radio mit AUX-IN , (8AY),(8UD),(8UQ)	614
2. Radio, Sicherung 39 auf Sicherungshalter C	615
3. Radio, Tieftonlautsprecher vorn links, Tieftonlautsprecher vorn rechts, Mitteltonlautsprecher	616
vorn links, Mitteltonlautsprecher vorn rechts
4. Radio, Verstärker, Tieftonlautsprecher hinten links, Tieftonlautsprecher hinten rechts, Mitteltonlautsprecher hinten links, Mitteltonlautsprecher hinten rechts
617
5. Radio, Anschluss für externe Audioquellen	618
6. Radio	619
7. Steuergerät im Schalttafeleinsatz, Radio	620
068 - Radioanlage, BOSE, mit Anschluss für USB oder iPod , (8AY),(8UD),(8UQ)	621-627
1. Radioanlage, BOSE, mit Anschluss für USB oder iPod , (8AY),(8UD),(8UQ)	621
2. Radio, Sicherung 39 auf Sicherungshalter C	622
3. Radio, Verstärker, Tieftonlautsprecher vorn links, Tieftonlautsprecher vorn rechts, Mitteltonlautsprecher vorn links, Mitteltonlautsprecher vorn rechts, Innenlautsprecher
623
4. Radio, Verstärker, Tieftonlautsprecher hinten links, Tieftonlautsprecher hinten rechts, Mitteltonlautsprecher hinten links, Mitteltonlautsprecher hinten rechts, Innenmikrofon, Basslautsprecher
624
5. Radio, Halterung für iPod, Halterung für USB-Anschluss	625
6. Radio	626
7. Steuergerät im Schalttafeleinsatz, Radio	627
069 - Radioanlage, BOSE mit AUX-IN , (8AY),(8UD),(8UQ)	628-634
1. Radioanlage, BOSE mit AUX-IN , (8AY),(8UD),(8UQ)	628
2. Radio, Sicherung 39 auf Sicherungshalter C	629
3. Radio, Verstärker, Tieftonlautsprecher vorn links, Tieftonlautsprecher vorn rechts, Mitteltonlautsprecher vorn links, Mitteltonlautsprecher vorn rechts, Innenlautsprecher
630
4. Radio, Verstärker, Tieftonlautsprecher hinten links, Tieftonlautsprecher hinten rechts, Mitteltonlautsprecher hinten links, Mitteltonlautsprecher hinten rechts, Innenmikrofon, Basslautsprecher
631
5. Radio, Halterung für iPod, Halterung für USB-Anschluss	632
6. Radio	633
7. Steuergerät im Schalttafeleinsatz, Radio	634
070 - Radioanlage, BOSE mit AUX-IN , (8AY),(8UD),(8UQ)	635-641
1. Radioanlage, BOSE mit AUX-IN , (8AY),(8UD),(8UQ)	635
2. Radio, Sicherung 39 auf Sicherungshalter C	636
3. Radio, Verstärker, Tieftonlautsprecher vorn links, Tieftonlautsprecher vorn rechts, Mitteltonlautsprecher vorn links, Mitteltonlautsprecher vorn rechts, Innenlautsprecher
637
4. Radio, Verstärker, Tieftonlautsprecher hinten links, Tieftonlautsprecher hinten rechts, Mitteltonlautsprecher hinten links, Mitteltonlautsprecher hinten rechts, Innenmikrofon, Basslautsprecher
638
5. Radio, Anschluss für externe Audioquellen	639
6. Radio	640
7. Steuergerät im Schalttafeleinsatz, Radio	641
071 - Radioanlage, BOSE mit AUX-IN , (8AY),(8UD),(8UQ)	642-648
1. Radioanlage, BOSE mit AUX-IN , (8AY),(8UD),(8UQ)	642
2. Radio, Sicherung 39 auf Sicherungshalter C	643
3. Radio, Verstärker, Tieftonlautsprecher vorn links, Tieftonlautsprecher vorn rechts, Mitteltonlautsprecher vorn links, Mitteltonlautsprecher vorn rechts, Innenlautsprecher
644
4. Radio, Verstärker, Tieftonlautsprecher hinten links, Tieftonlautsprecher hinten rechts, Mitteltonlautsprecher hinten links, Mitteltonlautsprecher hinten rechts, Innenmikrofon, Basslautsprecher
645
5. Radio, Anschluss für externe Audioquellen	646
6. Radio	647
7. Steuergerät im Schalttafeleinsatz, Radio	648
072 - Antiblockiersystem (ABS) mit elektronischer Differenzialsperre (EDS) und Antriebsschlupfregelung (ASR) und elektronischem Stabilisierungsprogramm (ESP)
649-657
1. Antiblockiersystem (ABS) mit elektronischer Differenzialsperre (EDS) und Antriebsschlupfregelung (ASR) und elektronischem Stabilisierungsprogramm (ESP)
649
2. Steuergerät für ABS, Sicherungshalter C, Leitungsverteiler für Kl. 30	650
3. Sensor für ESP, Steuergerät für ABS, Spannfeder 1 für Fahrdynamikregelung, Hochdruckschaltventil 1 für Fahrdynamikregelung, Hochdruckschaltventil 2 für Fahrdynamikregelung
651
4. Drehzahlfühler hinten links, Drehzahlfühler vorn rechts, Drehzahlfühler vorn links, Drehzahlfühler hinten rechts, Steuergerät für ABS, Einlassventil für ABS hinten links, Auslassventil für ABS hinten links
652
5. Schalter für Antriebsschlupfregelung, Steuergerät für ABS, Einlassventil für ABS vorn links	653
6. Lenkwinkelgeber, Steuergerät für ABS, Steuergerät für Lenksäulenelektronik	654
7. Taster für Reifenkontrollanzeige, Steuergerät für ABS, Steuergerät für Reifendruckkontrolle, Lampe für Tasterbeleuchtung	655
8. Steuergerät für ABS, Steuergerät im Schalttafeleinsatz	656
9. Steuergerät im Schalttafeleinsatz, Kontrollleuchte für ABS, Kontrollleuchte für Bremsanlage,	657
